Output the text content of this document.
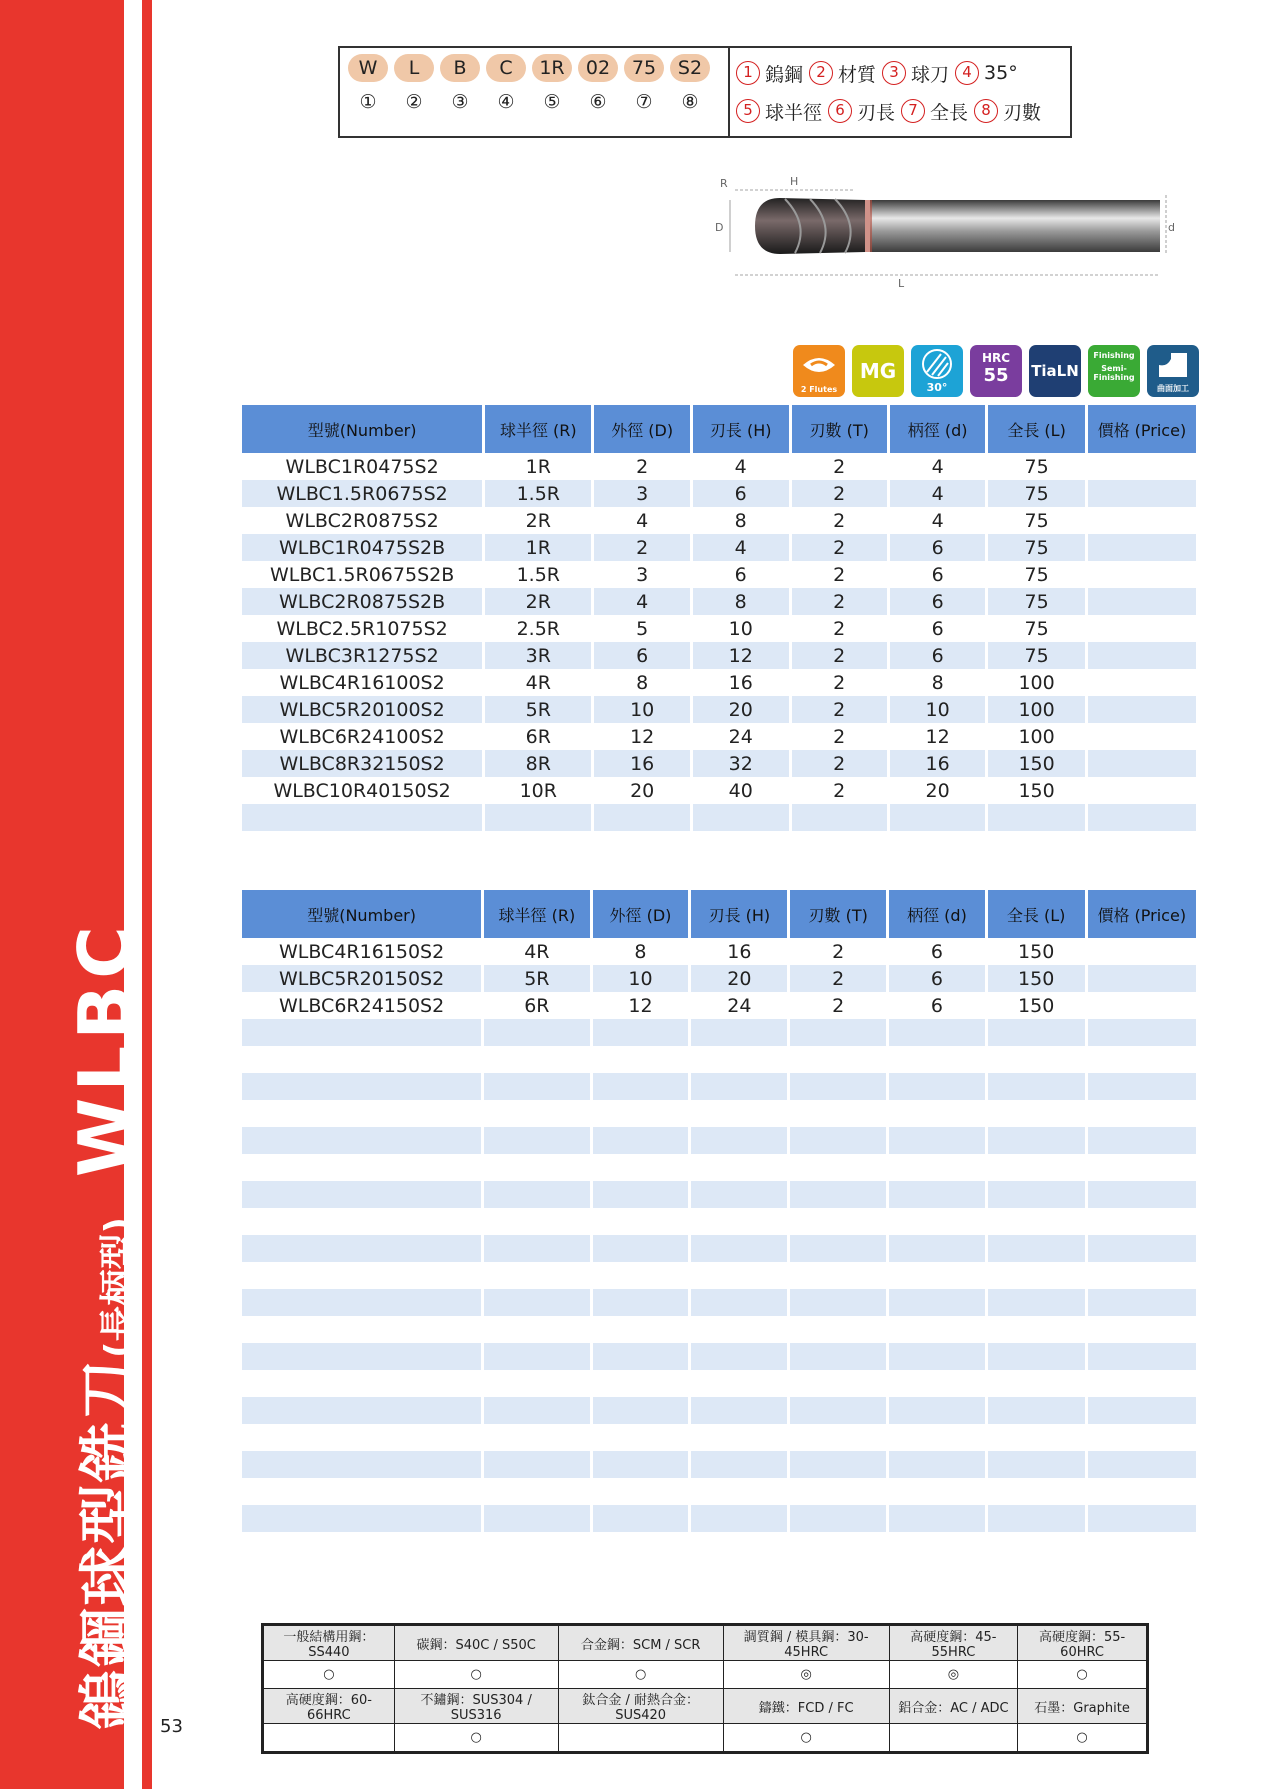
鎢鋼球型銑刀(長柄型)WLBC
53
W	L	B	C	1R	02	75	S2
①	②	③	④	⑤	⑥	⑦	⑧
1 鎢鋼 2 材質 3 球刀 4 35°
5 球半徑 6 刃長 7 全長 8 刃數
R	H
D	d
L
2 Flutes
MG
30°
HRC
55	TiaLN
Finishing
Semi-Finishing
曲面加工
型號(Number)	球半徑 (R)	外徑 (D)	刃長 (H)	刃數 (T)	柄徑 (d)	全長 (L)	價格 (Price)
WLBC1R0475S2	1R	2	4	2	4	75	
WLBC1.5R0675S2	1.5R	3	6	2	4	75	
WLBC2R0875S2	2R	4	8	2	4	75	
WLBC1R0475S2B	1R	2	4	2	6	75	
WLBC1.5R0675S2B	1.5R	3	6	2	6	75	
WLBC2R0875S2B	2R	4	8	2	6	75	
WLBC2.5R1075S2	2.5R	5	10	2	6	75	
WLBC3R1275S2	3R	6	12	2	6	75	
WLBC4R16100S2	4R	8	16	2	8	100	
WLBC5R20100S2	5R	10	20	2	10	100	
WLBC6R24100S2	6R	12	24	2	12	100	
WLBC8R32150S2	8R	16	32	2	16	150	
WLBC10R40150S2	10R	20	40	2	20	150	

型號(Number)	球半徑 (R)	外徑 (D)	刃長 (H)	刃數 (T)	柄徑 (d)	全長 (L)	價格 (Price)
WLBC4R16150S2	4R	8	16	2	6	150	
WLBC5R20150S2	5R	10	20	2	6	150	
WLBC6R24150S2	6R	12	24	2	6	150	

一般結構用鋼：SS440	碳鋼：S40C / S50C	合金鋼：SCM / SCR	調質鋼 / 模具鋼：30-45HRC	高硬度鋼：45-55HRC	高硬度鋼：55-60HRC
○	○	○	◎	◎	○
高硬度鋼：60-66HRC	不鏽鋼：SUS304 / SUS316	鈦合金 / 耐熱合金：SUS420	鑄鐵：FCD / FC	鋁合金：AC / ADC	石墨：Graphite
	○		○		○
